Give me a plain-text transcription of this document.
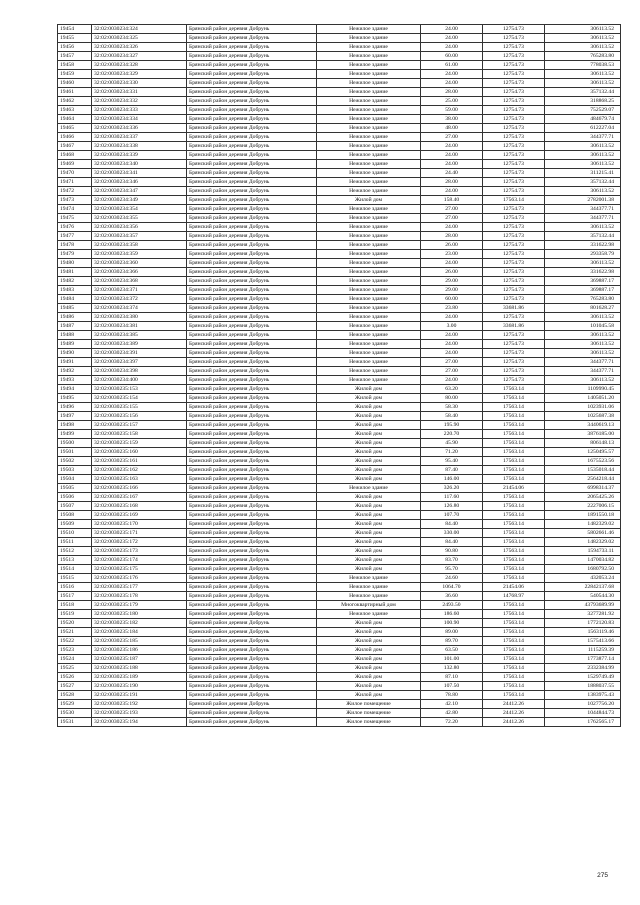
19454	32:02:0030234:324	Брянский район деревня Добрунь	Нежилое здание	24.00	12754.73	306113.52
19455	32:02:0030234:325	Брянский район деревня Добрунь	Нежилое здание	24.00	12754.73	306113.52
19456	32:02:0030234:326	Брянский район деревня Добрунь	Нежилое здание	24.00	12754.73	306113.52
19457	32:02:0030234:327	Брянский район деревня Добрунь	Нежилое здание	60.00	12754.73	765283.80
19458	32:02:0030234:328	Брянский район деревня Добрунь	Нежилое здание	61.00	12754.73	778038.53
19459	32:02:0030234:329	Брянский район деревня Добрунь	Нежилое здание	24.00	12754.73	306113.52
19460	32:02:0030234:330	Брянский район деревня Добрунь	Нежилое здание	24.00	12754.73	306113.52
19461	32:02:0030234:331	Брянский район деревня Добрунь	Нежилое здание	28.00	12754.73	357132.44
19462	32:02:0030234:332	Брянский район деревня Добрунь	Нежилое здание	25.00	12754.73	318868.25
19463	32:02:0030234:333	Брянский район деревня Добрунь	Нежилое здание	59.00	12754.73	752529.07
19464	32:02:0030234:334	Брянский район деревня Добрунь	Нежилое здание	38.00	12754.73	484679.74
19465	32:02:0030234:336	Брянский район деревня Добрунь	Нежилое здание	48.00	12754.73	612227.04
19466	32:02:0030234:337	Брянский район деревня Добрунь	Нежилое здание	27.00	12754.73	344377.71
19467	32:02:0030234:338	Брянский район деревня Добрунь	Нежилое здание	24.00	12754.73	306113.52
19468	32:02:0030234:339	Брянский район деревня Добрунь	Нежилое здание	24.00	12754.73	306113.52
19469	32:02:0030234:340	Брянский район деревня Добрунь	Нежилое здание	24.00	12754.73	306113.52
19470	32:02:0030234:341	Брянский район деревня Добрунь	Нежилое здание	24.40	12754.73	311215.41
19471	32:02:0030234:346	Брянский район деревня Добрунь	Нежилое здание	28.00	12754.73	357132.44
19472	32:02:0030234:347	Брянский район деревня Добрунь	Нежилое здание	24.00	12754.73	306113.52
19473	32:02:0030234:349	Брянский район деревня Добрунь	Жилой дом	158.40	17563.14	2782001.38
19474	32:02:0030234:354	Брянский район деревня Добрунь	Нежилое здание	27.00	12754.73	344377.71
19475	32:02:0030234:355	Брянский район деревня Добрунь	Нежилое здание	27.00	12754.73	344377.71
19476	32:02:0030234:356	Брянский район деревня Добрунь	Нежилое здание	24.00	12754.73	306113.52
19477	32:02:0030234:357	Брянский район деревня Добрунь	Нежилое здание	28.00	12754.73	357132.44
19478	32:02:0030234:358	Брянский район деревня Добрунь	Нежилое здание	26.00	12754.73	331622.98
19479	32:02:0030234:359	Брянский район деревня Добрунь	Нежилое здание	23.00	12754.73	293358.79
19480	32:02:0030234:360	Брянский район деревня Добрунь	Нежилое здание	24.00	12754.73	306113.52
19481	32:02:0030234:366	Брянский район деревня Добрунь	Нежилое здание	26.00	12754.73	331622.98
19482	32:02:0030234:368	Брянский район деревня Добрунь	Нежилое здание	29.00	12754.73	369887.17
19483	32:02:0030234:371	Брянский район деревня Добрунь	Нежилое здание	29.00	12754.73	369887.17
19484	32:02:0030234:372	Брянский район деревня Добрунь	Нежилое здание	60.00	12754.73	765283.80
19485	32:02:0030234:374	Брянский район деревня Добрунь	Нежилое здание	23.80	33681.86	801628.27
19486	32:02:0030234:380	Брянский район деревня Добрунь	Нежилое здание	24.00	12754.73	306113.52
19487	32:02:0030234:381	Брянский район деревня Добрунь	Нежилое здание	3.00	33681.86	101045.58
19488	32:02:0030234:385	Брянский район деревня Добрунь	Нежилое здание	24.00	12754.73	306113.52
19489	32:02:0030234:389	Брянский район деревня Добрунь	Нежилое здание	24.00	12754.73	306113.52
19490	32:02:0030234:391	Брянский район деревня Добрунь	Нежилое здание	24.00	12754.73	306113.52
19491	32:02:0030234:397	Брянский район деревня Добрунь	Нежилое здание	27.00	12754.73	344377.71
19492	32:02:0030234:398	Брянский район деревня Добрунь	Нежилое здание	27.00	12754.73	344377.71
19493	32:02:0030234:400	Брянский район деревня Добрунь	Нежилое здание	24.00	12754.73	306113.52
19494	32:02:0030235:153	Брянский район деревня Добрунь	Жилой дом	63.20	17563.14	1109990.45
19495	32:02:0030235:154	Брянский район деревня Добрунь	Жилой дом	80.00	17563.14	1405051.20
19496	32:02:0030235:155	Брянский район деревня Добрунь	Жилой дом	58.30	17563.14	1023931.06
19497	32:02:0030235:156	Брянский район деревня Добрунь	Жилой дом	58.40	17563.14	1025687.38
19498	32:02:0030235:157	Брянский район деревня Добрунь	Жилой дом	195.90	17563.14	3440619.13
19499	32:02:0030235:158	Брянский район деревня Добрунь	Жилой дом	220.70	17563.14	3876185.00
19500	32:02:0030235:159	Брянский район деревня Добрунь	Жилой дом	45.90	17563.14	806148.13
19501	32:02:0030235:160	Брянский район деревня Добрунь	Жилой дом	71.20	17563.14	1250495.57
19502	32:02:0030235:161	Брянский район деревня Добрунь	Жилой дом	95.40	17563.14	1675523.56
19503	32:02:0030235:162	Брянский район деревня Добрунь	Жилой дом	87.40	17563.14	1535018.44
19504	32:02:0030235:163	Брянский район деревня Добрунь	Жилой дом	146.00	17563.14	2564218.44
19505	32:02:0030235:166	Брянский район деревня Добрунь	Нежилое здание	326.20	21454.06	6998314.37
19506	32:02:0030235:167	Брянский район деревня Добрунь	Жилой дом	117.60	17563.14	2065425.26
19507	32:02:0030235:168	Брянский район деревня Добрунь	Жилой дом	126.80	17563.14	2227006.15
19508	32:02:0030235:169	Брянский район деревня Добрунь	Жилой дом	107.70	17563.14	1891550.18
19509	32:02:0030235:170	Брянский район деревня Добрунь	Жилой дом	84.40	17563.14	1482329.02
19510	32:02:0030235:171	Брянский район деревня Добрунь	Жилой дом	330.00	17563.14	5802661.46
19511	32:02:0030235:172	Брянский район деревня Добрунь	Жилой дом	84.40	17563.14	1482329.02
19512	32:02:0030235:173	Брянский район деревня Добрунь	Жилой дом	90.80	17563.14	1594733.11
19513	32:02:0030235:174	Брянский район деревня Добрунь	Жилой дом	83.70	17563.14	1470034.82
19514	32:02:0030235:175	Брянский район деревня Добрунь	Жилой дом	95.70	17563.14	1680792.50
19515	32:02:0030235:176	Брянский район деревня Добрунь	Нежилое здание	24.60	17563.14	432053.24
19516	32:02:0030235:177	Брянский район деревня Добрунь	Нежилое здание	1064.70	21454.06	22842137.68
19517	32:02:0030235:178	Брянский район деревня Добрунь	Нежилое здание	36.60	14768.97	540544.30
19518	32:02:0030235:179	Брянский район деревня Добрунь	Многоквартирный дом	2493.50	17563.14	43793689.99
19519	32:02:0030235:180	Брянский район деревня Добрунь	Нежилое здание	186.60	17563.14	3277281.92
19520	32:02:0030235:182	Брянский район деревня Добрунь	Жилой дом	100.90	17563.14	1772120.83
19521	32:02:0030235:184	Брянский район деревня Добрунь	Жилой дом	89.00	17563.14	1563119.46
19522	32:02:0030235:185	Брянский район деревня Добрунь	Жилой дом	89.70	17563.14	1575413.66
19523	32:02:0030235:186	Брянский район деревня Добрунь	Жилой дом	63.50	17563.14	1115259.39
19524	32:02:0030235:187	Брянский район деревня Добрунь	Жилой дом	101.00	17563.14	1773877.14
19525	32:02:0030235:188	Брянский район деревня Добрунь	Жилой дом	132.80	17563.14	2332384.99
19526	32:02:0030235:189	Брянский район деревня Добрунь	Жилой дом	87.10	17563.14	1529749.49
19527	32:02:0030235:190	Брянский район деревня Добрунь	Жилой дом	107.50	17563.14	1888037.55
19528	32:02:0030235:191	Брянский район деревня Добрунь	Жилой дом	78.80	17563.14	1383975.43
19529	32:02:0030235:192	Брянский район деревня Добрунь	Жилое помещение	42.10	24412.26	1027756.20
19530	32:02:0030235:193	Брянский район деревня Добрунь	Жилое помещение	42.80	24412.26	1044844.73
19531	32:02:0030235:194	Брянский район деревня Добрунь	Жилое помещение	72.20	24412.26	1762565.17
275
